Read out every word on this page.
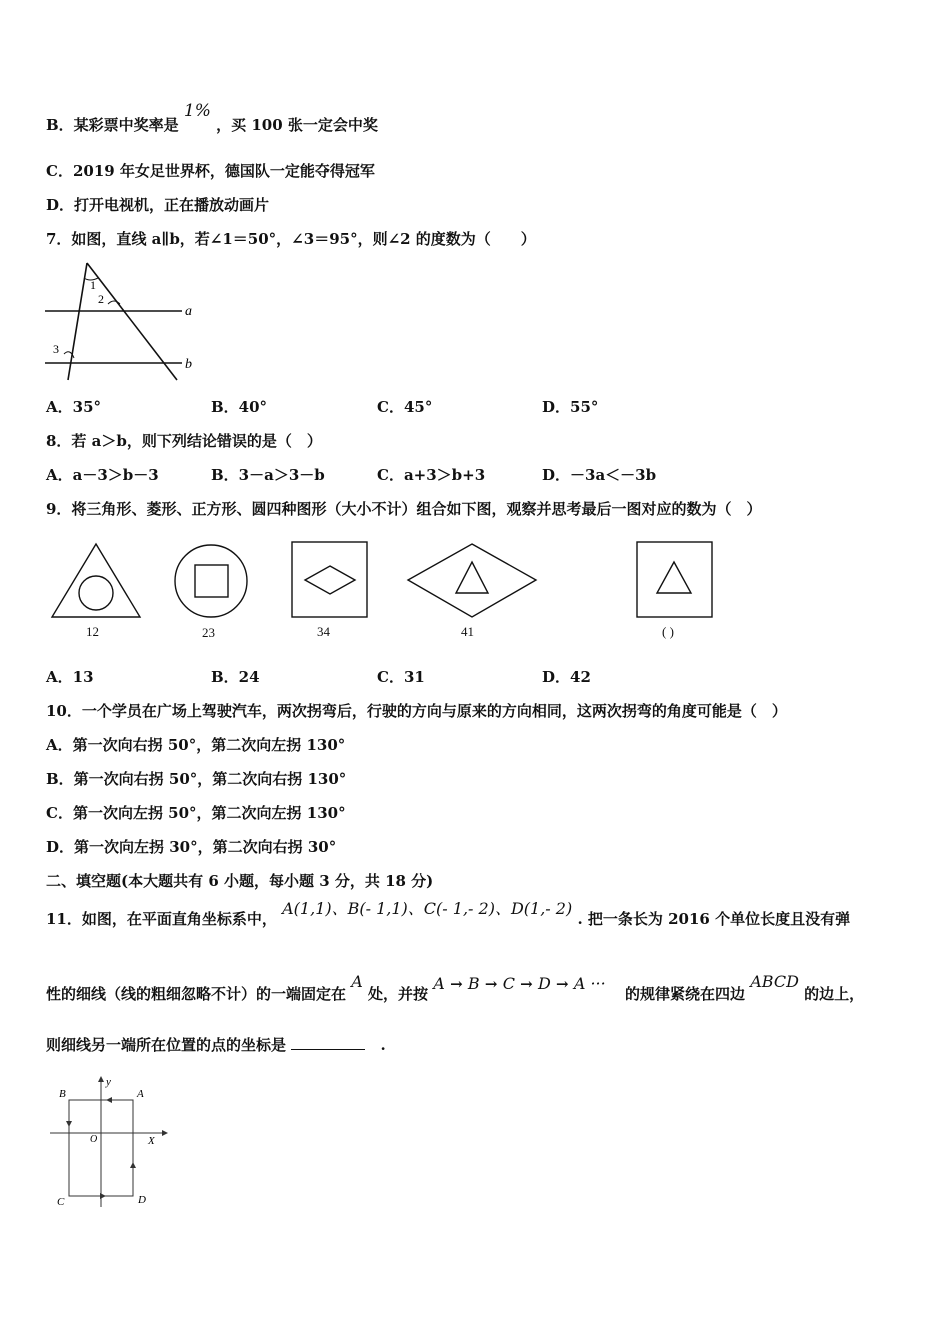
B．某彩票中奖率是 1% ，买 100 张一定会中奖
C．2019 年女足世界杯，德国队一定能夺得冠军
D．打开电视机，正在播放动画片
7．如图，直线 a∥b，若∠1＝50°，∠3＝95°，则∠2 的度数为（　　）
a
b
1
2
3
A．35°	B．40°	C．45°	D．55°
8．若 a＞b，则下列结论错误的是（　）
A．a－3＞b－3	B．3－a＞3－b	C．a+3＞b+3	D．－3a＜－3b
9．将三角形、菱形、正方形、圆四种图形（大小不计）组合如下图，观察并思考最后一图对应的数为（　）
12	23	34	41	( )
A．13	B．24	C．31	D．42
10．一个学员在广场上驾驶汽车，两次拐弯后，行驶的方向与原来的方向相同，这两次拐弯的角度可能是（　）
A．第一次向右拐 50°，第二次向左拐 130°
B．第一次向右拐 50°，第二次向右拐 130°
C．第一次向左拐 50°，第二次向左拐 130°
D．第一次向左拐 30°，第二次向右拐 30°
二、填空题(本大题共有 6 小题，每小题 3 分，共 18 分)
11．如图，在平面直角坐标系中， A(1,1)、B(- 1,1)、C(- 1,- 2)、D(1,- 2) . 把一条长为 2016 个单位长度且没有弹
性的细线（线的粗细忽略不计）的一端固定在 A 处，并按 A → B → C → D → A ··· 的规律紧绕在四边 ABCD 的边上，
则细线另一端所在位置的点的坐标是	.
B	A
C	D
O	X
y
